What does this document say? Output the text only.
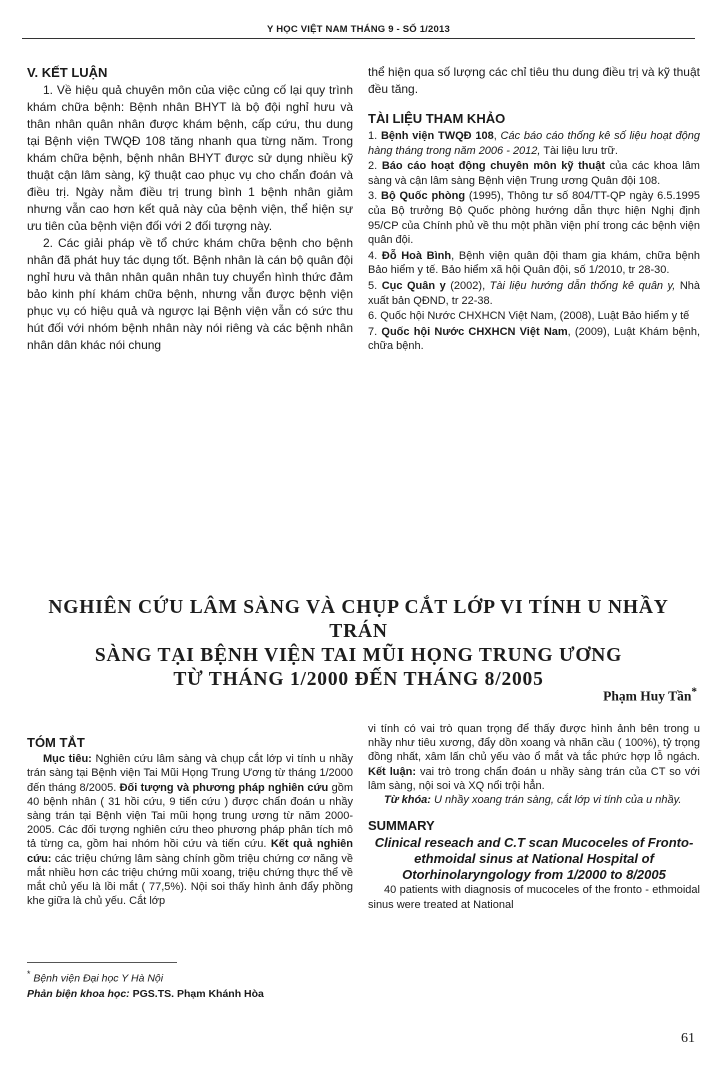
Y HỌC VIỆT NAM THÁNG 9 - SỐ 1/2013
V. KẾT LUẬN

1. Về hiệu quả chuyên môn của việc củng cố lại quy trình khám chữa bệnh: Bệnh nhân BHYT là bộ đội nghỉ hưu và thân nhân quân nhân được khám bệnh, cấp cứu, thu dung tại Bệnh viện TWQĐ 108 tăng nhanh qua từng năm. Trong khám chữa bệnh, bệnh nhân BHYT được sử dụng nhiều kỹ thuật cận lâm sàng, kỹ thuật cao phục vụ cho chẩn đoán và điều trị. Ngày nằm điều trị trung bình 1 bệnh nhân giảm nhưng vẫn cao hơn kết quả này của bệnh viện, thể hiện sự ưu tiên của bệnh viện đối với 2 đối tượng này.

2. Các giải pháp về tổ chức khám chữa bệnh cho bệnh nhân đã phát huy tác dụng tốt. Bệnh nhân là cán bộ quân đội nghỉ hưu và thân nhân quân nhân tuy chuyển hình thức đảm bảo kinh phí khám chữa bệnh, nhưng vẫn được bệnh viện phục vụ có hiệu quả và ngược lại Bệnh viện vẫn có sức thu hút đối với nhóm bệnh nhân này nói riêng và các bệnh nhân nhân dân khác nói chung

thể hiện qua số lượng các chỉ tiêu thu dung điều trị và kỹ thuật đều tăng.

TÀI LIỆU THAM KHẢO
1. Bệnh viện TWQĐ 108, Các báo cáo thống kê số liệu hoạt động hàng tháng trong năm 2006 - 2012, Tài liệu lưu trữ.
2. Báo cáo hoạt động chuyên môn kỹ thuật của các khoa lâm sàng và cận lâm sàng Bệnh viện Trung ương Quân đội 108.
3. Bộ Quốc phòng (1995), Thông tư số 804/TT-QP ngày 6.5.1995 của Bộ trưởng Bộ Quốc phòng hướng dẫn thực hiện Nghị định 95/CP của Chính phủ về thu một phần viện phí trong các bệnh viện quân đội.
4. Đỗ Hoà Bình, Bệnh viện quân đội tham gia khám, chữa bệnh Bảo hiểm y tế. Bảo hiểm xã hội Quân đội, số 1/2010, tr 28-30.
5. Cục Quân y (2002), Tài liệu hướng dẫn thống kê quân y, Nhà xuất bản QĐND, tr 22-38.
6. Quốc hội Nước CHXHCN Việt Nam, (2008), Luật Bảo hiểm y tế
7. Quốc hội Nước CHXHCN Việt Nam, (2009), Luật Khám bệnh, chữa bệnh.
NGHIÊN CỨU LÂM SÀNG VÀ CHỤP CẮT LỚP VI TÍNH U NHẦY TRÁN
SÀNG TẠI BỆNH VIỆN TAI MŨI HỌNG TRUNG ƯƠNG
TỪ THÁNG 1/2000 ĐẾN THÁNG 8/2005
Phạm Huy Tần*
TÓM TẮT

Mục tiêu: Nghiên cứu lâm sàng và chụp cắt lớp vi tính u nhầy trán sàng tại Bệnh viện Tai Mũi Họng Trung Ương từ tháng 1/2000 đến tháng 8/2005. Đối tượng và phương pháp nghiên cứu gồm 40 bệnh nhân ( 31 hồi cứu, 9 tiến cứu ) được chẩn đoán u nhầy sàng trán tại Bệnh viện Tai mũi họng trung ương từ năm 2000-2005. Các đối tượng nghiên cứu theo phương pháp phân tích mô tả từng ca, gồm hai nhóm hồi cứu và tiến cứu. Kết quả nghiên cứu: các triệu chứng lâm sàng chính gồm triệu chứng cơ năng về mắt nhiều hơn các triệu chứng mũi xoang, triệu chứng thực thể về mắt chủ yếu là lồi mắt ( 77,5%). Nội soi thấy hình ảnh đẩy phồng khe giữa là chủ yếu. Cắt lớp

vi tính có vai trò quan trọng để thấy được hình ảnh bên trong u nhầy như tiêu xương, đẩy dồn xoang và nhãn cầu ( 100%), tỷ trọng đồng nhất, xâm lấn chủ yếu vào ổ mắt và tắc phức hợp lỗ ngách. Kết luận: vai trò trong chẩn đoán u nhầy sàng trán của CT so với lâm sàng, nội soi và XQ nổi trội hẳn.

Từ khóa: U nhầy xoang trán sàng, cắt lớp vi tính của u nhầy.

SUMMARY
Clinical reseach and C.T scan Mucoceles of Fronto-ethmoidal sinus at National Hospital of Otorhinolaryngology from 1/2000 to 8/2005

40 patients with diagnosis of mucoceles of the fronto - ethmoidal sinus were treated at National

* Bệnh viện Đại học Y Hà Nội
Phản biện khoa học: PGS.TS. Phạm Khánh Hòa
61
